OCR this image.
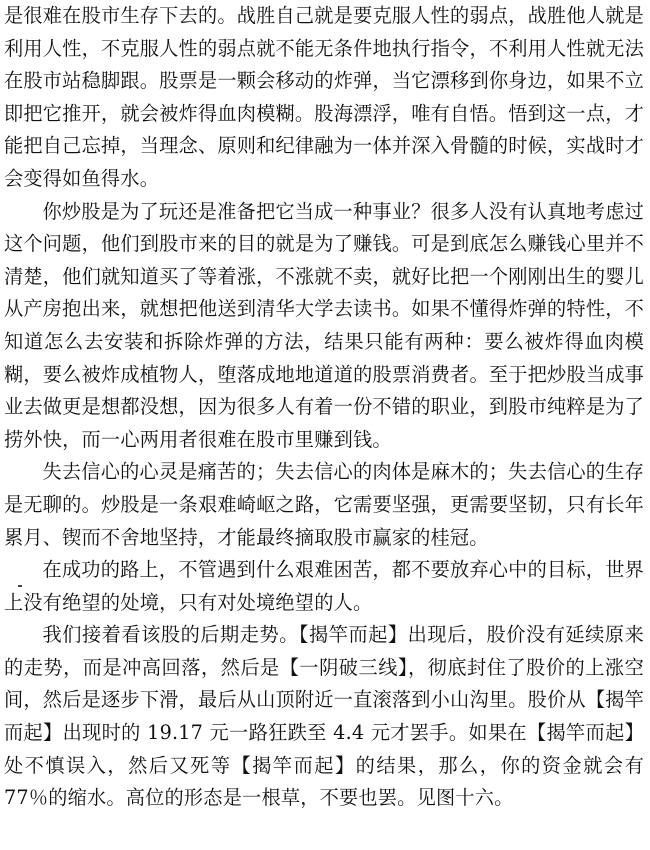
是很难在股市生存下去的。战胜自己就是要克服人性的弱点，战胜他人就是利用人性，不克服人性的弱点就不能无条件地执行指令，不利用人性就无法在股市站稳脚跟。股票是一颗会移动的炸弹，当它漂移到你身边，如果不立即把它推开，就会被炸得血肉模糊。股海漂浮，唯有自悟。悟到这一点，才能把自己忘掉，当理念、原则和纪律融为一体并深入骨髓的时候，实战时才会变得如鱼得水。

你炒股是为了玩还是准备把它当成一种事业？很多人没有认真地考虑过这个问题，他们到股市来的目的就是为了赚钱。可是到底怎么赚钱心里并不清楚，他们就知道买了等着涨，不涨就不卖，就好比把一个刚刚出生的婴儿从产房抱出来，就想把他送到清华大学去读书。如果不懂得炸弹的特性，不知道怎么去安装和拆除炸弹的方法，结果只能有两种：要么被炸得血肉模糊，要么被炸成植物人，堕落成地地道道的股票消费者。至于把炒股当成事业去做更是想都没想，因为很多人有着一份不错的职业，到股市纯粹是为了捞外快，而一心两用者很难在股市里赚到钱。

失去信心的心灵是痛苦的；失去信心的肉体是麻木的；失去信心的生存是无聊的。炒股是一条艰难崎岖之路，它需要坚强，更需要坚韧，只有长年累月、锲而不舍地坚持，才能最终摘取股市赢家的桂冠。

在成功的路上，不管遇到什么艰难困苦，都不要放弃心中的目标，世界上没有绝望的处境，只有对处境绝望的人。

我们接着看该股的后期走势。【揭竿而起】出现后，股价没有延续原来的走势，而是冲高回落，然后是【一阴破三线】，彻底封住了股价的上涨空间，然后是逐步下滑，最后从山顶附近一直滚落到小山沟里。股价从【揭竿而起】出现时的 19.17 元一路狂跌至 4.4 元才罢手。如果在【揭竿而起】处不慎误入，然后又死等【揭竿而起】的结果，那么，你的资金就会有 77％的缩水。高位的形态是一根草，不要也罢。见图十六。
